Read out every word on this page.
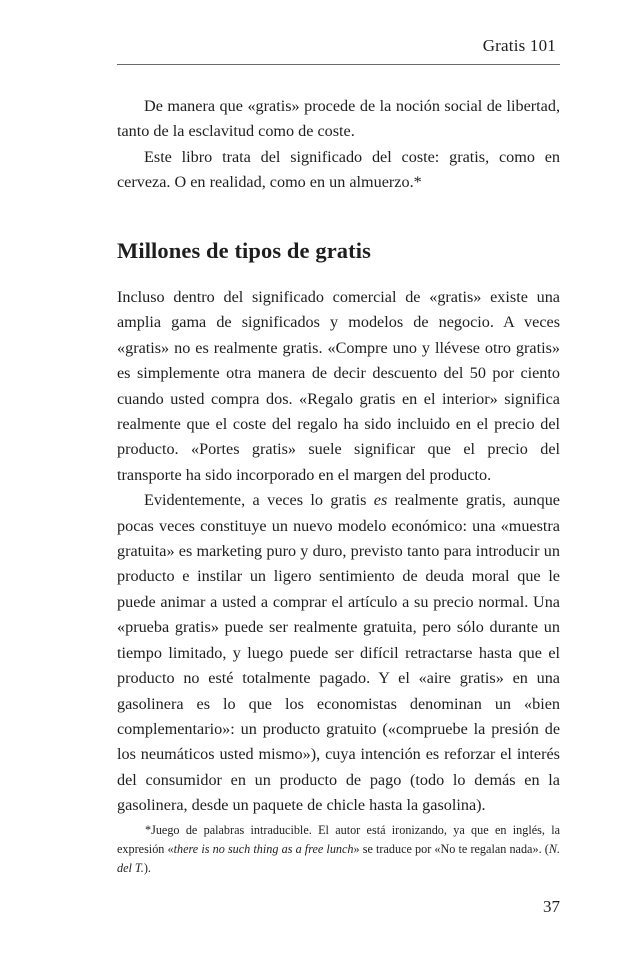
Gratis 101

De manera que «gratis» procede de la noción social de libertad, tanto de la esclavitud como de coste.

Este libro trata del significado del coste: gratis, como en cerveza. O en realidad, como en un almuerzo.*

Millones de tipos de gratis

Incluso dentro del significado comercial de «gratis» existe una amplia gama de significados y modelos de negocio. A veces «gratis» no es realmente gratis. «Compre uno y llévese otro gratis» es simplemente otra manera de decir descuento del 50 por ciento cuando usted compra dos. «Regalo gratis en el interior» significa realmente que el coste del regalo ha sido incluido en el precio del producto. «Portes gratis» suele significar que el precio del transporte ha sido incorporado en el margen del producto.

Evidentemente, a veces lo gratis es realmente gratis, aunque pocas veces constituye un nuevo modelo económico: una «muestra gratuita» es marketing puro y duro, previsto tanto para introducir un producto e instilar un ligero sentimiento de deuda moral que le puede animar a usted a comprar el artículo a su precio normal. Una «prueba gratis» puede ser realmente gratuita, pero sólo durante un tiempo limitado, y luego puede ser difícil retractarse hasta que el producto no esté totalmente pagado. Y el «aire gratis» en una gasolinera es lo que los economistas denominan un «bien complementario»: un producto gratuito («compruebe la presión de los neumáticos usted mismo»), cuya intención es reforzar el interés del consumidor en un producto de pago (todo lo demás en la gasolinera, desde un paquete de chicle hasta la gasolina).

*Juego de palabras intraducible. El autor está ironizando, ya que en inglés, la expresión «there is no such thing as a free lunch» se traduce por «No te regalan nada». (N. del T.).

37
